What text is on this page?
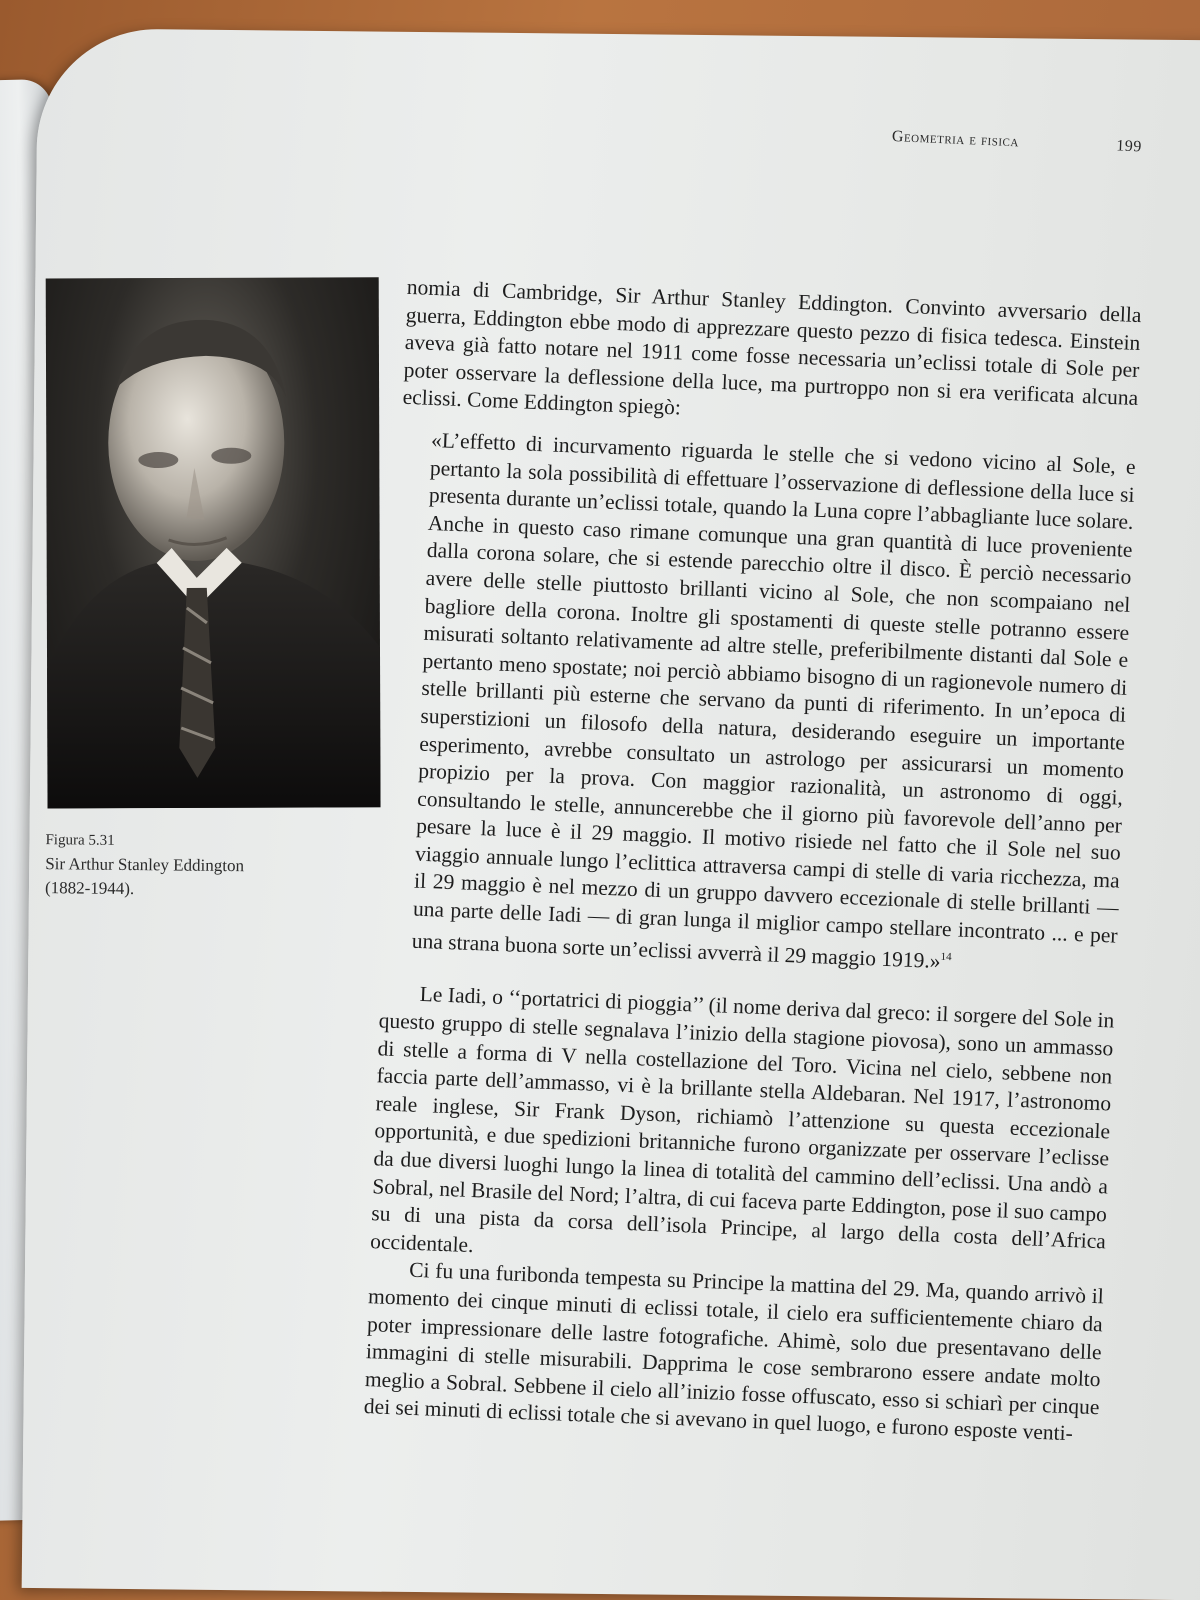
Geometria e fisica	199
Figura 5.31
Sir Arthur Stanley Eddington
(1882-1944).

nomia di Cambridge, Sir Arthur Stanley Eddington. Convinto avversario della guerra, Eddington ebbe modo di apprezzare questo pezzo di fisica tedesca. Einstein aveva già fatto notare nel 1911 come fosse necessaria un’eclissi totale di Sole per poter osservare la deflessione della luce, ma purtroppo non si era verificata alcuna eclissi. Come Eddington spiegò:

«L’effetto di incurvamento riguarda le stelle che si vedono vicino al Sole, e pertanto la sola possibilità di effettuare l’osservazione di deflessione della luce si presenta durante un’eclissi totale, quando la Luna copre l’abbagliante luce solare. Anche in questo caso rimane comunque una gran quantità di luce proveniente dalla corona solare, che si estende parecchio oltre il disco. È perciò necessario avere delle stelle piuttosto brillanti vicino al Sole, che non scompaiano nel bagliore della corona. Inoltre gli spostamenti di queste stelle potranno essere misurati soltanto relativamente ad altre stelle, preferibilmente distanti dal Sole e pertanto meno spostate; noi perciò abbiamo bisogno di un ragionevole numero di stelle brillanti più esterne che servano da punti di riferimento. In un’epoca di superstizioni un filosofo della natura, desiderando eseguire un importante esperimento, avrebbe consultato un astrologo per assicurarsi un momento propizio per la prova. Con maggior razionalità, un astronomo di oggi, consultando le stelle, annuncerebbe che il giorno più favorevole dell’anno per pesare la luce è il 29 maggio. Il motivo risiede nel fatto che il Sole nel suo viaggio annuale lungo l’eclittica attraversa campi di stelle di varia ricchezza, ma il 29 maggio è nel mezzo di un gruppo davvero eccezionale di stelle brillanti — una parte delle Iadi — di gran lunga il miglior campo stellare incontrato ... e per una strana buona sorte un’eclissi avverrà il 29 maggio 1919.»$^{14}$

Le Iadi, o ‘‘portatrici di pioggia’’ (il nome deriva dal greco: il sorgere del Sole in questo gruppo di stelle segnalava l’inizio della stagione piovosa), sono un ammasso di stelle a forma di V nella costellazione del Toro. Vicina nel cielo, sebbene non faccia parte dell’ammasso, vi è la brillante stella Aldebaran. Nel 1917, l’astronomo reale inglese, Sir Frank Dyson, richiamò l’attenzione su questa eccezionale opportunità, e due spedizioni britanniche furono organizzate per osservare l’eclisse da due diversi luoghi lungo la linea di totalità del cammino dell’eclissi. Una andò a Sobral, nel Brasile del Nord; l’altra, di cui faceva parte Eddington, pose il suo campo su di una pista da corsa dell’isola Principe, al largo della costa dell’Africa occidentale.

Ci fu una furibonda tempesta su Principe la mattina del 29. Ma, quando arrivò il momento dei cinque minuti di eclissi totale, il cielo era sufficientemente chiaro da poter impressionare delle lastre fotografiche. Ahimè, solo due presentavano delle immagini di stelle misurabili. Dapprima le cose sembrarono essere andate molto meglio a Sobral. Sebbene il cielo all’inizio fosse offuscato, esso si schiarì per cinque dei sei minuti di eclissi totale che si avevano in quel luogo, e furono esposte venti-
